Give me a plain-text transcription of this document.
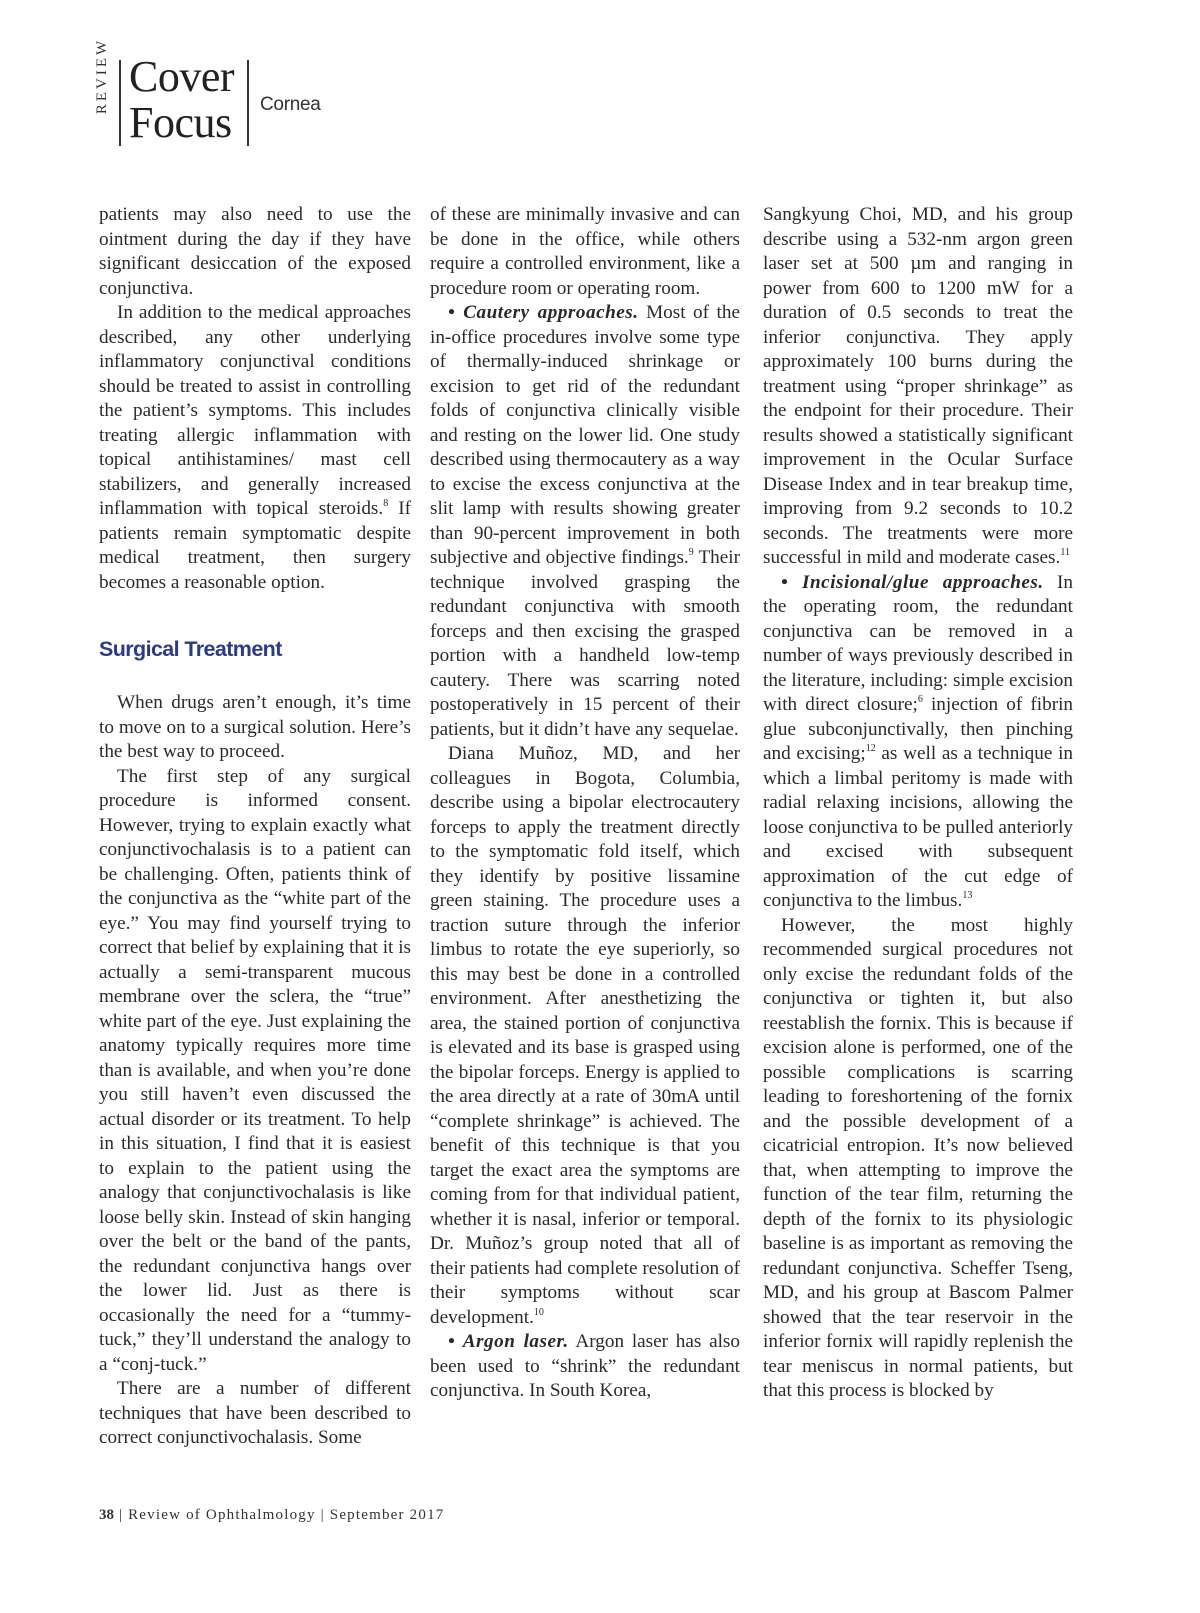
REVIEW Cover
Focus Cornea

patients may also need to use the ointment during the day if they have significant desiccation of the exposed conjunctiva.

In addition to the medical approaches described, any other underlying inflammatory conjunctival conditions should be treated to assist in controlling the patient’s symptoms. This includes treating allergic inflammation with topical antihistamines/ mast cell stabilizers, and generally increased inflammation with topical steroids.$^8$ If patients remain symptomatic despite medical treatment, then surgery becomes a reasonable option.

Surgical Treatment

When drugs aren’t enough, it’s time to move on to a surgical solution. Here’s the best way to proceed.

The first step of any surgical procedure is informed consent. However, trying to explain exactly what conjunctivochalasis is to a patient can be challenging. Often, patients think of the conjunctiva as the “white part of the eye.” You may find yourself trying to correct that belief by explaining that it is actually a semi-transparent mucous membrane over the sclera, the “true” white part of the eye. Just explaining the anatomy typically requires more time than is available, and when you’re done you still haven’t even discussed the actual disorder or its treatment. To help in this situation, I find that it is easiest to explain to the patient using the analogy that conjunctivochalasis is like loose belly skin. Instead of skin hanging over the belt or the band of the pants, the redundant conjunctiva hangs over the lower lid. Just as there is occasionally the need for a “tummy-tuck,” they’ll understand the analogy to a “conj-tuck.”

There are a number of different techniques that have been described to correct conjunctivochalasis. Some

of these are minimally invasive and can be done in the office, while others require a controlled environment, like a procedure room or operating room.

• Cautery approaches. Most of the in-office procedures involve some type of thermally-induced shrinkage or excision to get rid of the redundant folds of conjunctiva clinically visible and resting on the lower lid. One study described using thermocautery as a way to excise the excess conjunctiva at the slit lamp with results showing greater than 90-percent improvement in both subjective and objective findings.$^9$ Their technique involved grasping the redundant conjunctiva with smooth forceps and then excising the grasped portion with a handheld low-temp cautery. There was scarring noted postoperatively in 15 percent of their patients, but it didn’t have any sequelae.

Diana Muñoz, MD, and her colleagues in Bogota, Columbia, describe using a bipolar electrocautery forceps to apply the treatment directly to the symptomatic fold itself, which they identify by positive lissamine green staining. The procedure uses a traction suture through the inferior limbus to rotate the eye superiorly, so this may best be done in a controlled environment. After anesthetizing the area, the stained portion of conjunctiva is elevated and its base is grasped using the bipolar forceps. Energy is applied to the area directly at a rate of 30mA until “complete shrinkage” is achieved. The benefit of this technique is that you target the exact area the symptoms are coming from for that individual patient, whether it is nasal, inferior or temporal. Dr. Muñoz’s group noted that all of their patients had complete resolution of their symptoms without scar development.$^{10}$

• Argon laser. Argon laser has also been used to “shrink” the redundant conjunctiva. In South Korea,

Sangkyung Choi, MD, and his group describe using a 532-nm argon green laser set at 500 µm and ranging in power from 600 to 1200 mW for a duration of 0.5 seconds to treat the inferior conjunctiva. They apply approximately 100 burns during the treatment using “proper shrinkage” as the endpoint for their procedure. Their results showed a statistically significant improvement in the Ocular Surface Disease Index and in tear breakup time, improving from 9.2 seconds to 10.2 seconds. The treatments were more successful in mild and moderate cases.$^{11}$

• Incisional/glue approaches. In the operating room, the redundant conjunctiva can be removed in a number of ways previously described in the literature, including: simple excision with direct closure;$^6$ injection of fibrin glue subconjunctivally, then pinching and excising;$^{12}$ as well as a technique in which a limbal peritomy is made with radial relaxing incisions, allowing the loose conjunctiva to be pulled anteriorly and excised with subsequent approximation of the cut edge of conjunctiva to the limbus.$^{13}$

However, the most highly recommended surgical procedures not only excise the redundant folds of the conjunctiva or tighten it, but also reestablish the fornix. This is because if excision alone is performed, one of the possible complications is scarring leading to foreshortening of the fornix and the possible development of a cicatricial entropion. It’s now believed that, when attempting to improve the function of the tear film, returning the depth of the fornix to its physiologic baseline is as important as removing the redundant conjunctiva. Scheffer Tseng, MD, and his group at Bascom Palmer showed that the tear reservoir in the inferior fornix will rapidly replenish the tear meniscus in normal patients, but that this process is blocked by

38 | Review of Ophthalmology | September 2017
